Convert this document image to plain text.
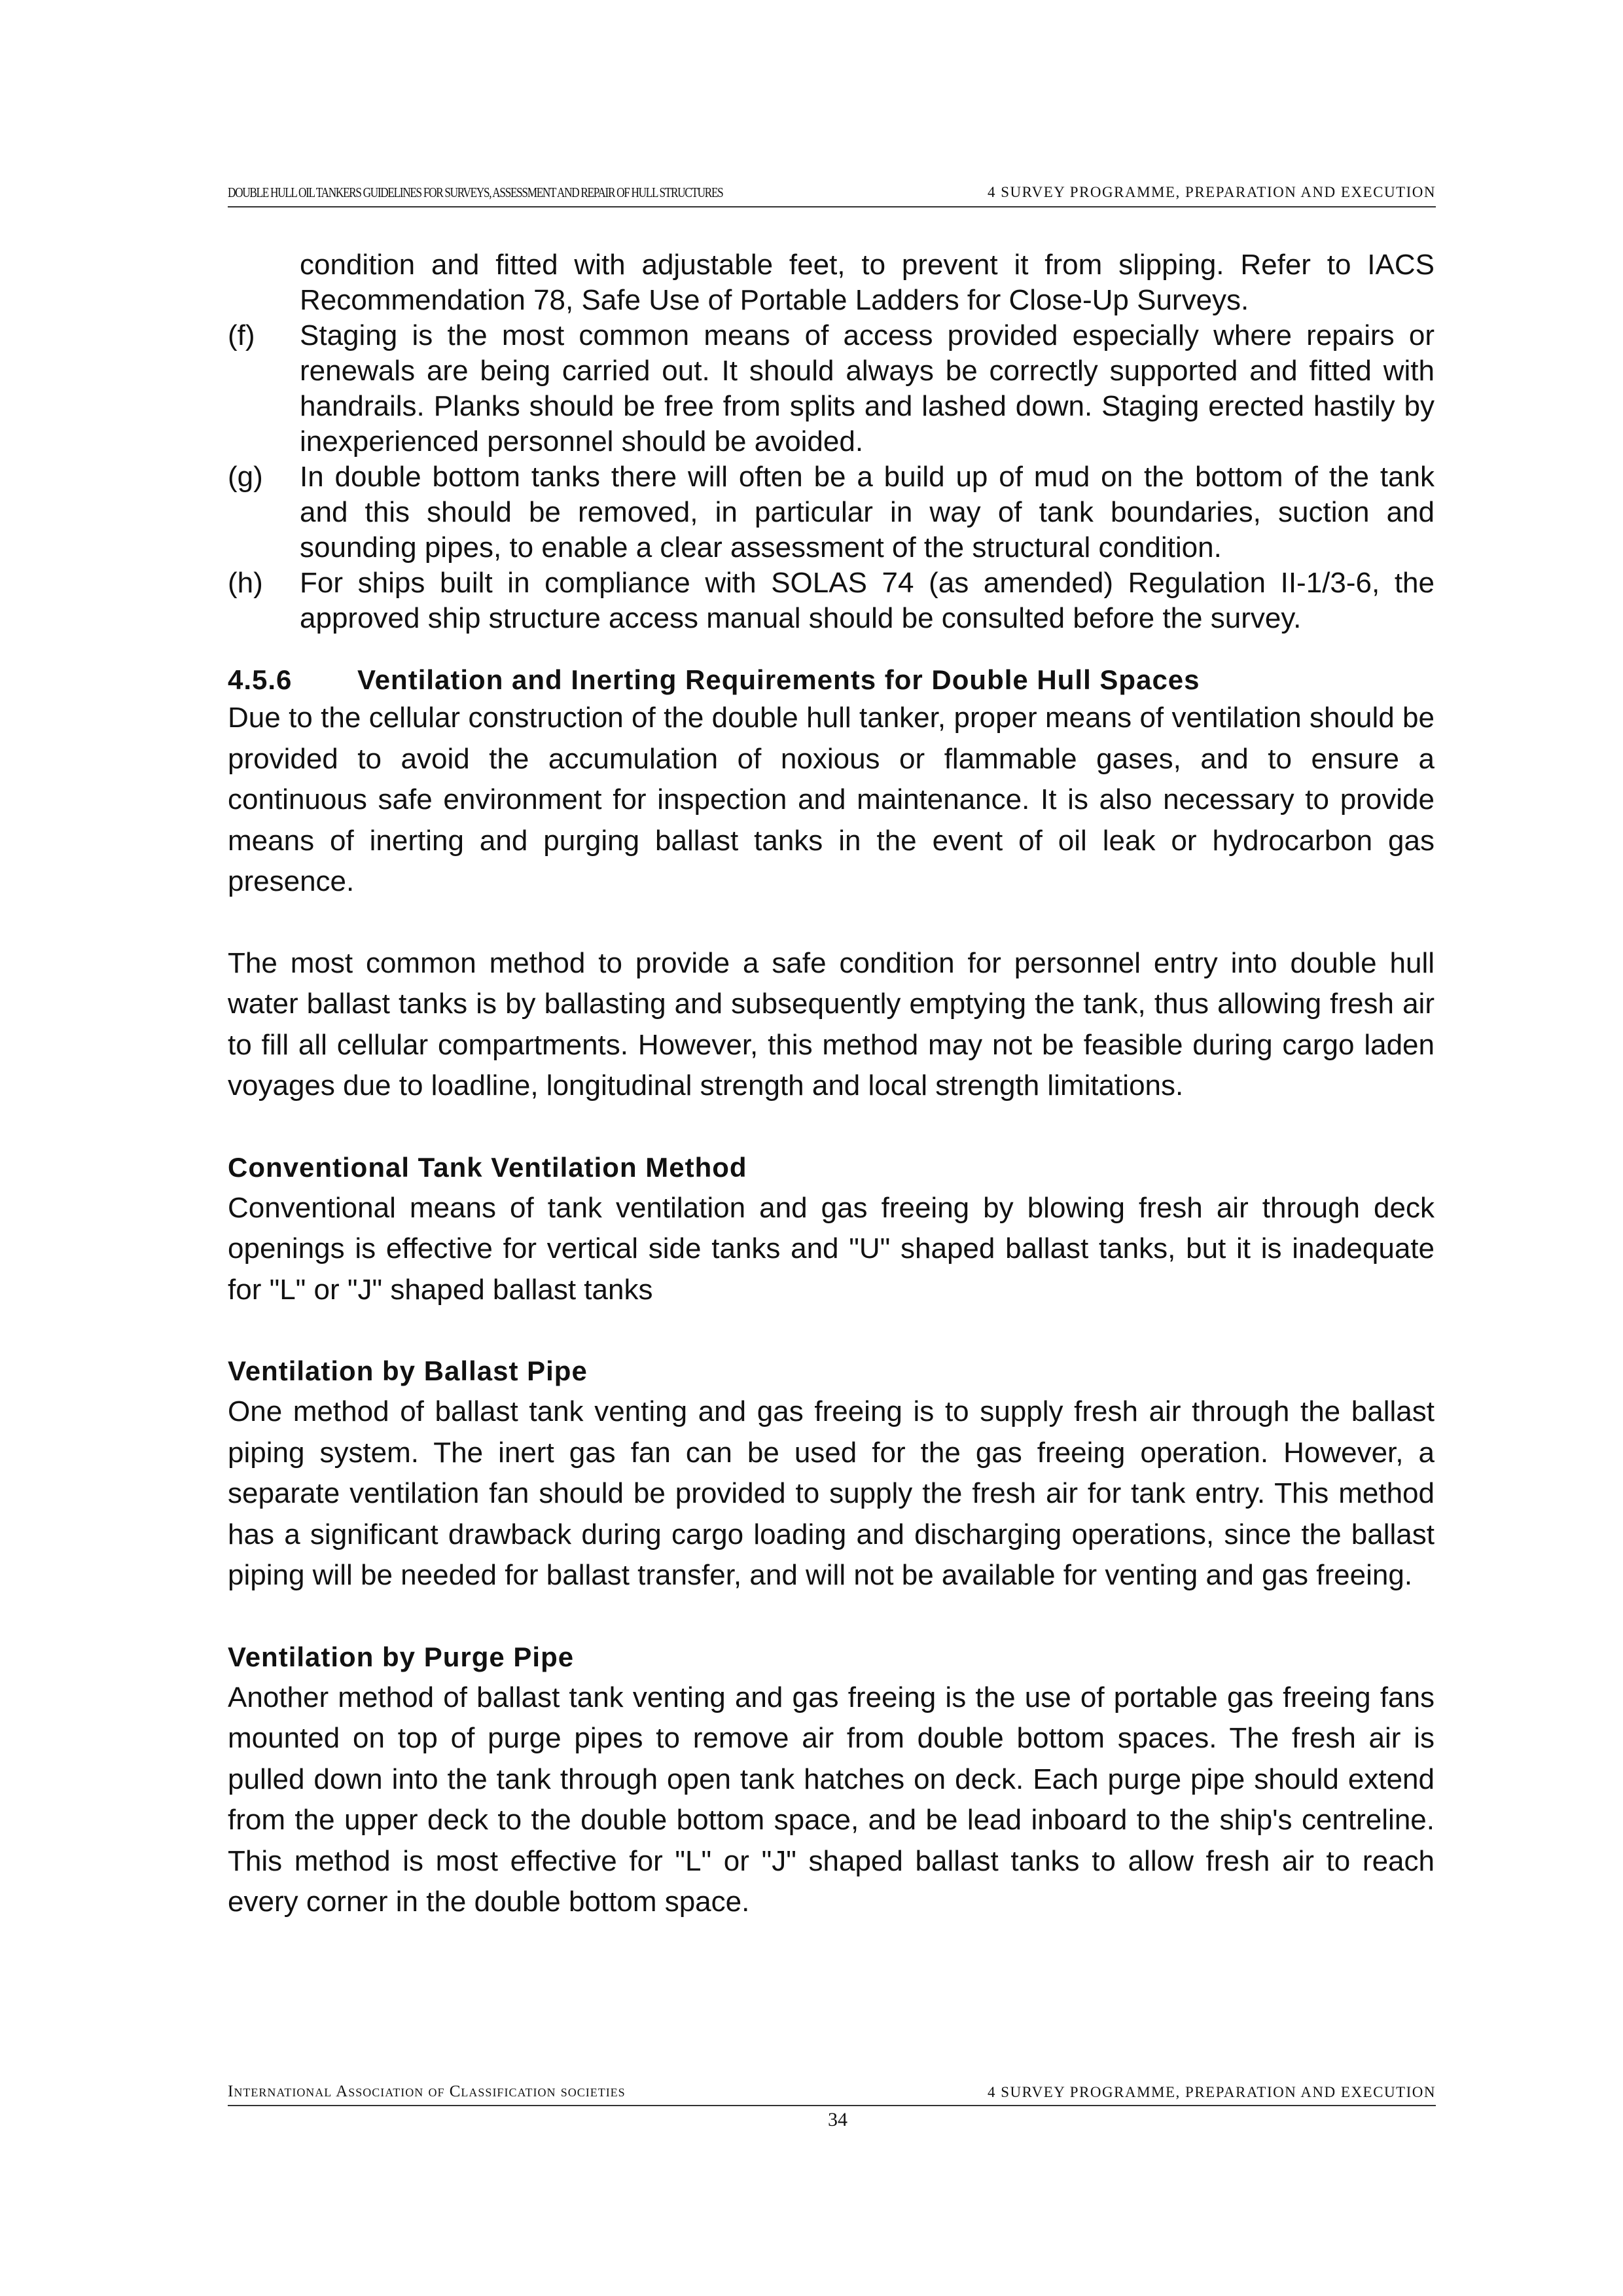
DOUBLE HULL OIL TANKERS GUIDELINES FOR SURVEYS, ASSESSMENT AND REPAIR OF HULL STRUCTURES	4 SURVEY PROGRAMME, PREPARATION AND EXECUTION
condition and fitted with adjustable feet, to prevent it from slipping. Refer to IACS Recommendation 78, Safe Use of Portable Ladders for Close-Up Surveys.
(f) Staging is the most common means of access provided especially where repairs or renewals are being carried out. It should always be correctly supported and fitted with handrails. Planks should be free from splits and lashed down. Staging erected hastily by inexperienced personnel should be avoided.
(g) In double bottom tanks there will often be a build up of mud on the bottom of the tank and this should be removed, in particular in way of tank boundaries, suction and sounding pipes, to enable a clear assessment of the structural condition.
(h) For ships built in compliance with SOLAS 74 (as amended) Regulation II-1/3-6, the approved ship structure access manual should be consulted before the survey.
4.5.6 Ventilation and Inerting Requirements for Double Hull Spaces
Due to the cellular construction of the double hull tanker, proper means of ventilation should be provided to avoid the accumulation of noxious or flammable gases, and to ensure a continuous safe environment for inspection and maintenance. It is also necessary to provide means of inerting and purging ballast tanks in the event of oil leak or hydrocarbon gas presence.
The most common method to provide a safe condition for personnel entry into double hull water ballast tanks is by ballasting and subsequently emptying the tank, thus allowing fresh air to fill all cellular compartments. However, this method may not be feasible during cargo laden voyages due to loadline, longitudinal strength and local strength limitations.
Conventional Tank Ventilation Method
Conventional means of tank ventilation and gas freeing by blowing fresh air through deck openings is effective for vertical side tanks and "U" shaped ballast tanks, but it is inadequate for "L" or "J" shaped ballast tanks
Ventilation by Ballast Pipe
One method of ballast tank venting and gas freeing is to supply fresh air through the ballast piping system. The inert gas fan can be used for the gas freeing operation. However, a separate ventilation fan should be provided to supply the fresh air for tank entry. This method has a significant drawback during cargo loading and discharging operations, since the ballast piping will be needed for ballast transfer, and will not be available for venting and gas freeing.
Ventilation by Purge Pipe
Another method of ballast tank venting and gas freeing is the use of portable gas freeing fans mounted on top of purge pipes to remove air from double bottom spaces. The fresh air is pulled down into the tank through open tank hatches on deck. Each purge pipe should extend from the upper deck to the double bottom space, and be lead inboard to the ship's centreline. This method is most effective for "L" or "J" shaped ballast tanks to allow fresh air to reach every corner in the double bottom space.
International Association of Classification societies	4 SURVEY PROGRAMME, PREPARATION AND EXECUTION
34
